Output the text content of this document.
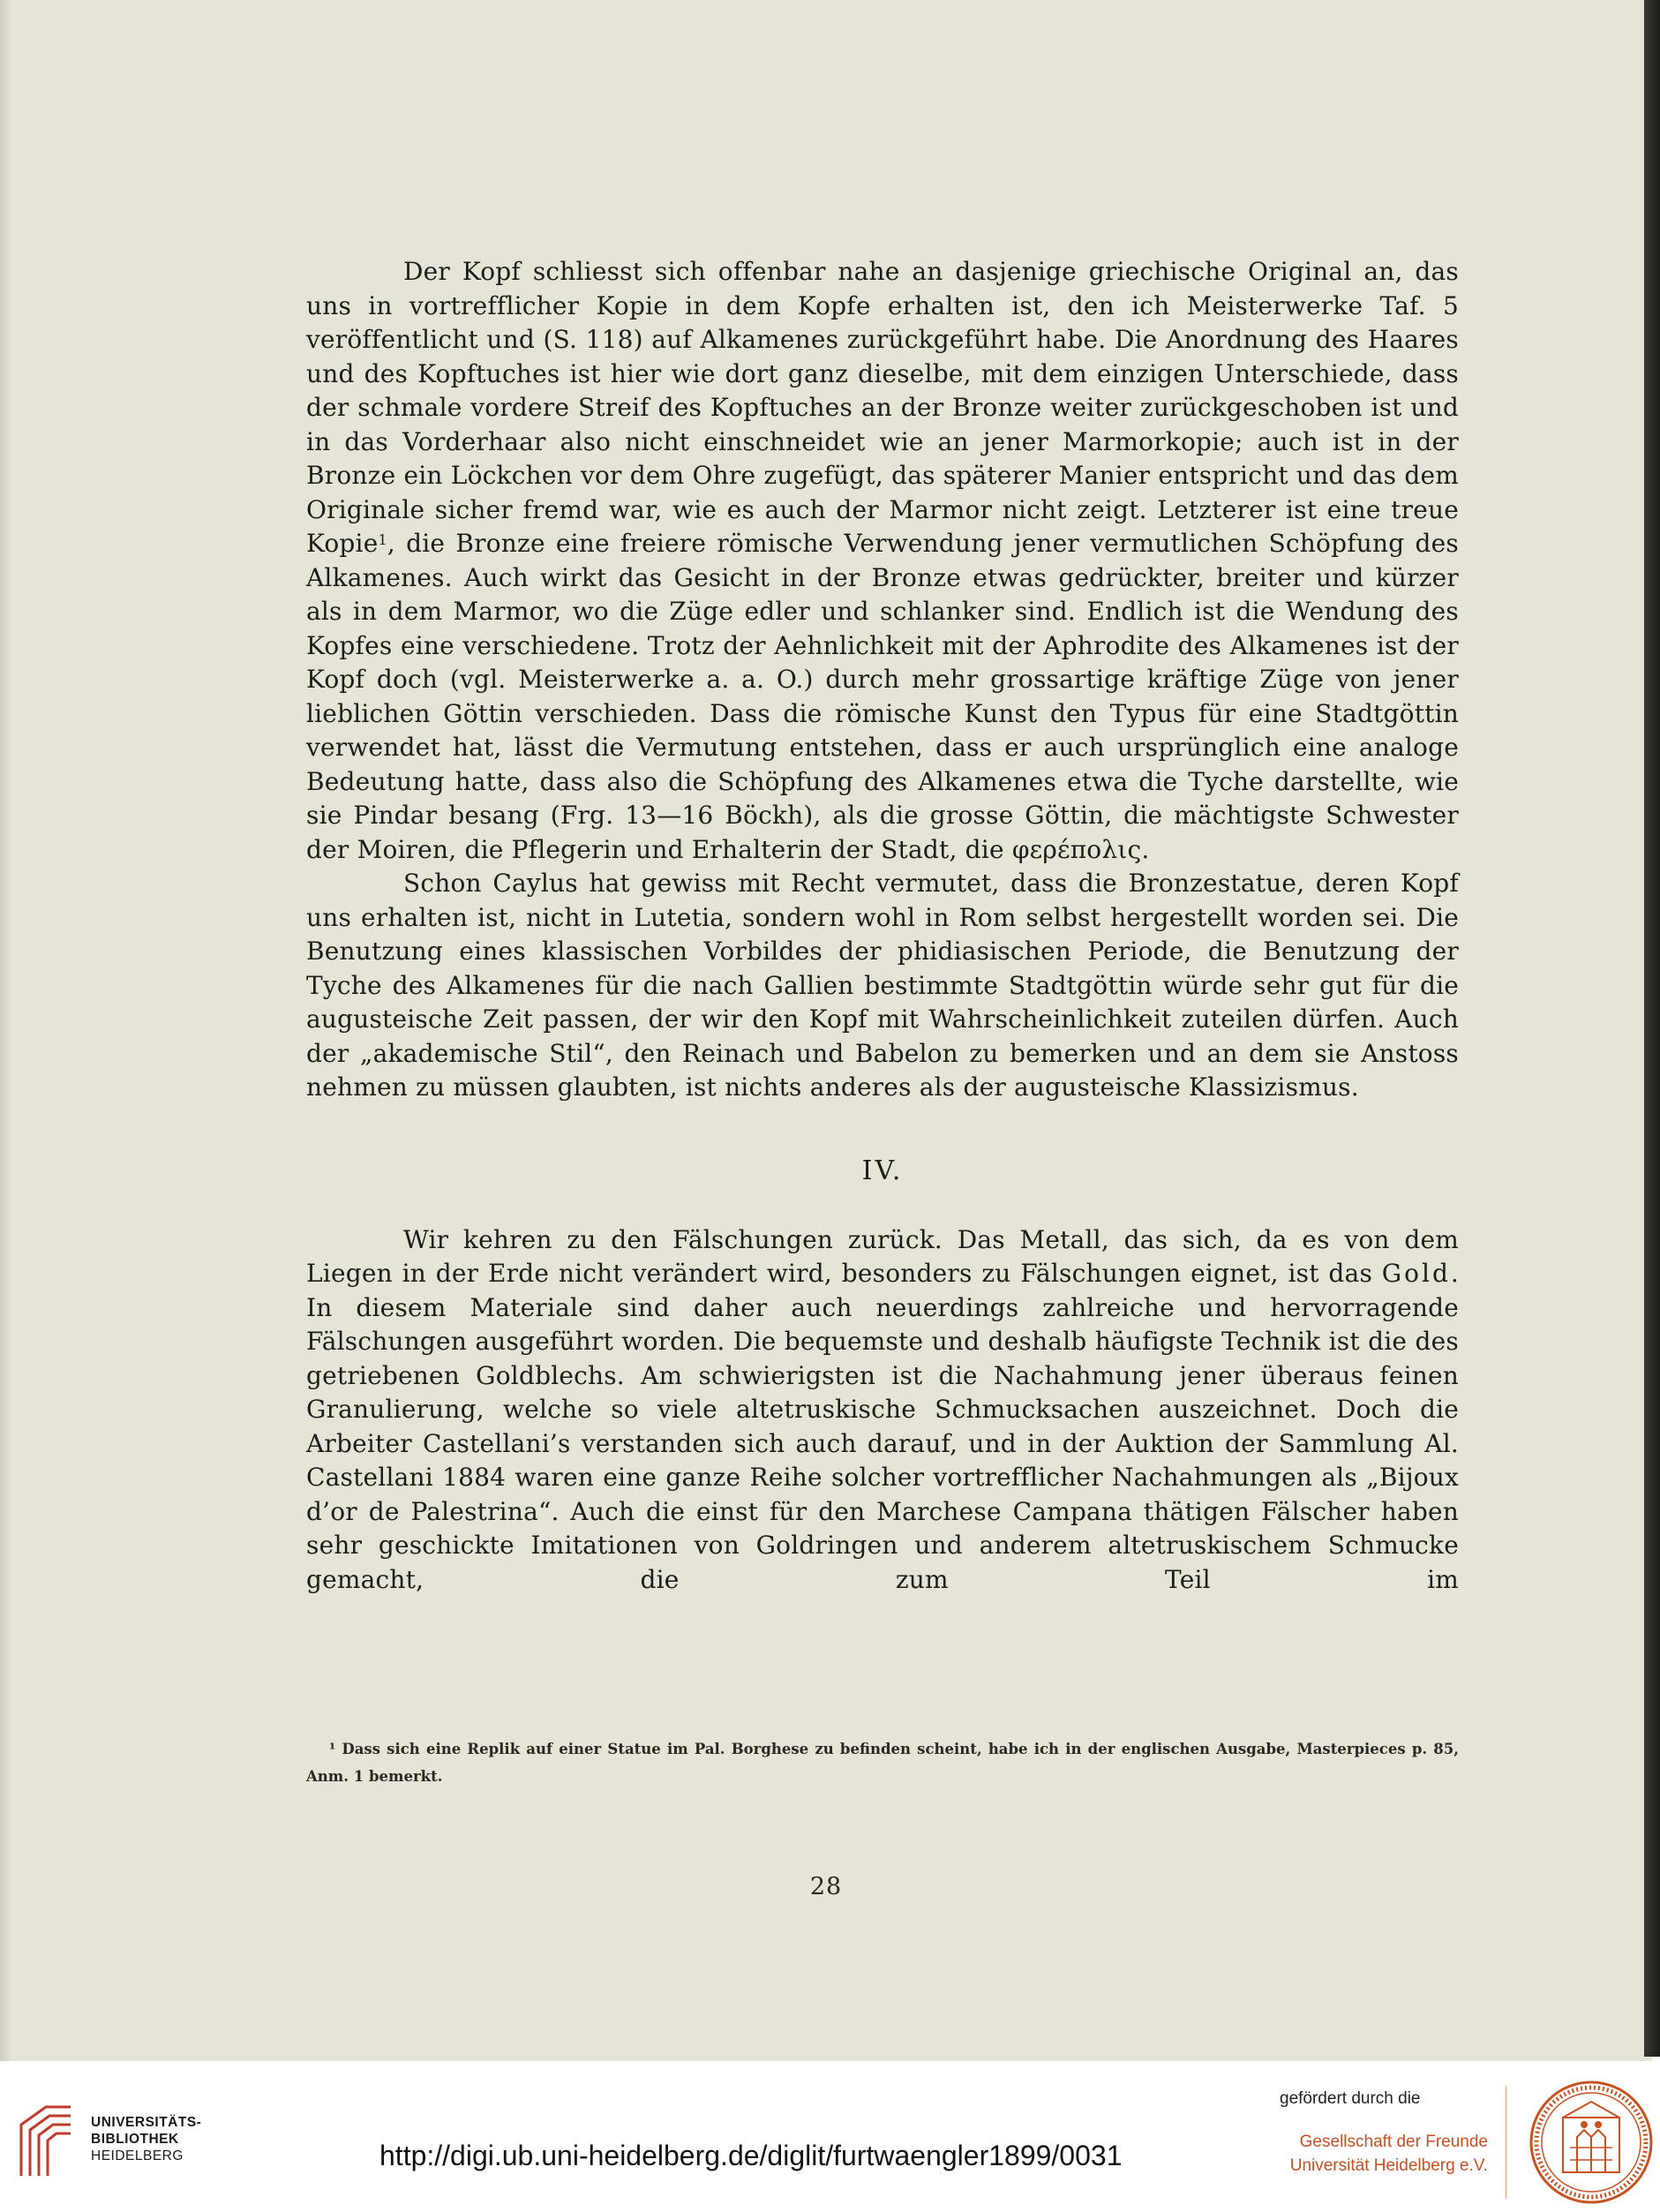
Der Kopf schliesst sich offenbar nahe an dasjenige griechische Original an, das uns in vortrefflicher Kopie in dem Kopfe erhalten ist, den ich Meisterwerke Taf. 5 veröffentlicht und (S. 118) auf Alkamenes zurückgeführt habe. Die Anordnung des Haares und des Kopftuches ist hier wie dort ganz dieselbe, mit dem einzigen Unterschiede, dass der schmale vordere Streif des Kopftuches an der Bronze weiter zurückgeschoben ist und in das Vorderhaar also nicht einschneidet wie an jener Marmorkopie; auch ist in der Bronze ein Löckchen vor dem Ohre zugefügt, das späterer Manier entspricht und das dem Originale sicher fremd war, wie es auch der Marmor nicht zeigt. Letzterer ist eine treue Kopie$^1$, die Bronze eine freiere römische Verwendung jener vermutlichen Schöpfung des Alkamenes. Auch wirkt das Gesicht in der Bronze etwas gedrückter, breiter und kürzer als in dem Marmor, wo die Züge edler und schlanker sind. Endlich ist die Wendung des Kopfes eine verschiedene. Trotz der Aehnlichkeit mit der Aphrodite des Alkamenes ist der Kopf doch (vgl. Meisterwerke a. a. O.) durch mehr grossartige kräftige Züge von jener lieblichen Göttin verschieden. Dass die römische Kunst den Typus für eine Stadtgöttin verwendet hat, lässt die Vermutung entstehen, dass er auch ursprünglich eine analoge Bedeutung hatte, dass also die Schöpfung des Alkamenes etwa die Tyche darstellte, wie sie Pindar besang (Frg. 13—16 Böckh), als die grosse Göttin, die mächtigste Schwester der Moiren, die Pflegerin und Erhalterin der Stadt, die φερέπολις.

Schon Caylus hat gewiss mit Recht vermutet, dass die Bronzestatue, deren Kopf uns erhalten ist, nicht in Lutetia, sondern wohl in Rom selbst hergestellt worden sei. Die Benutzung eines klassischen Vorbildes der phidiasischen Periode, die Benutzung der Tyche des Alkamenes für die nach Gallien bestimmte Stadtgöttin würde sehr gut für die augusteische Zeit passen, der wir den Kopf mit Wahrscheinlichkeit zuteilen dürfen. Auch der „akademische Stil“, den Reinach und Babelon zu bemerken und an dem sie Anstoss nehmen zu müssen glaubten, ist nichts anderes als der augusteische Klassizismus.

IV.

Wir kehren zu den Fälschungen zurück. Das Metall, das sich, da es von dem Liegen in der Erde nicht verändert wird, besonders zu Fälschungen eignet, ist das Gold. In diesem Materiale sind daher auch neuerdings zahlreiche und hervorragende Fälschungen ausgeführt worden. Die bequemste und deshalb häufigste Technik ist die des getriebenen Goldblechs. Am schwierigsten ist die Nachahmung jener überaus feinen Granulierung, welche so viele altetruskische Schmucksachen auszeichnet. Doch die Arbeiter Castellani’s verstanden sich auch darauf, und in der Auktion der Sammlung Al. Castellani 1884 waren eine ganze Reihe solcher vortrefflicher Nachahmungen als „Bijoux d’or de Palestrina“. Auch die einst für den Marchese Campana thätigen Fälscher haben sehr geschickte Imitationen von Goldringen und anderem altetruskischem Schmucke gemacht, die zum Teil im

¹ Dass sich eine Replik auf einer Statue im Pal. Borghese zu befinden scheint, habe ich in der englischen Ausgabe, Masterpieces p. 85, Anm. 1 bemerkt.

28
UNIVERSITÄTS-
BIBLIOTHEK
HEIDELBERG	http://digi.ub.uni-heidelberg.de/diglit/furtwaengler1899/0031
gefördert durch die
Gesellschaft der Freunde
Universität Heidelberg e.V.
